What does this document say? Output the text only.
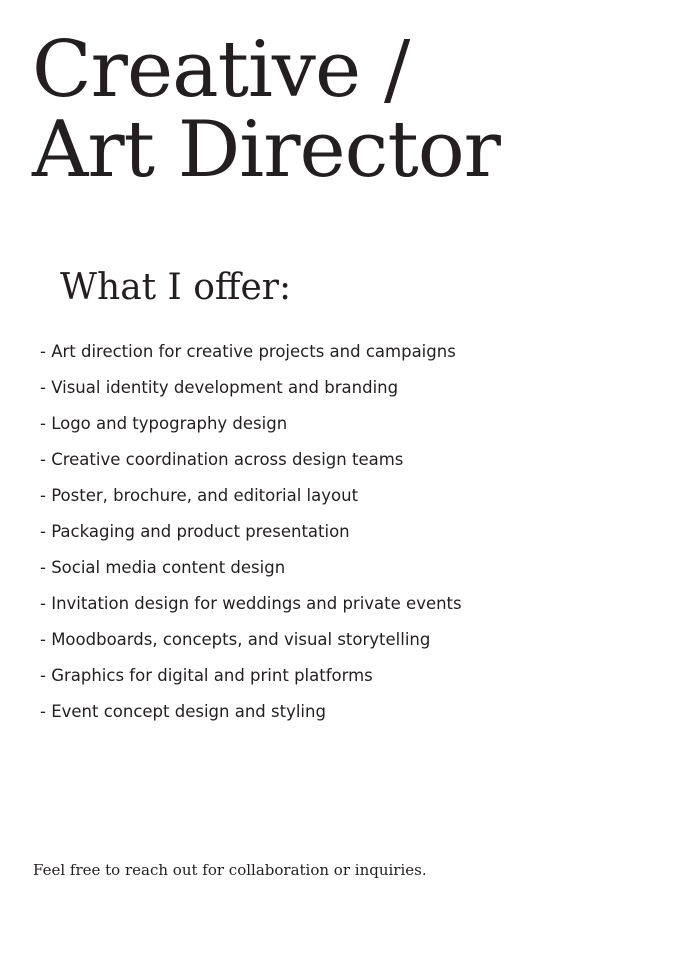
Creative /
Art Director
What I offer:
- Art direction for creative projects and campaigns
- Visual identity development and branding
- Logo and typography design
- Creative coordination across design teams
- Poster, brochure, and editorial layout
- Packaging and product presentation
- Social media content design
- Invitation design for weddings and private events
- Moodboards, concepts, and visual storytelling
- Graphics for digital and print platforms
- Event concept design and styling

Feel free to reach out for collaboration or inquiries.
